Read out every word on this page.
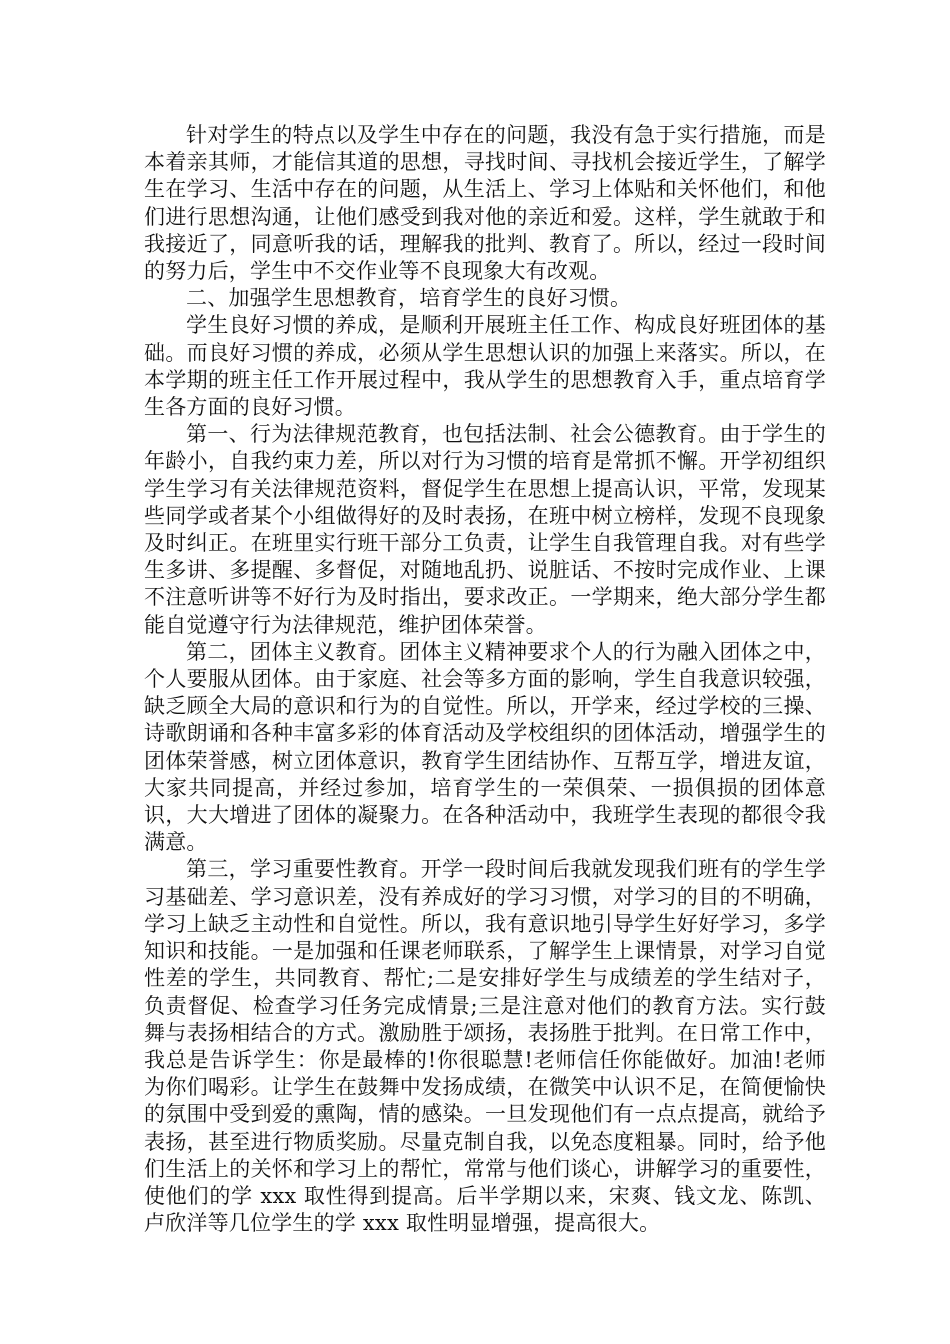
针对学生的特点以及学生中存在的问题，我没有急于实行措施，而是本着亲其师，才能信其道的思想，寻找时间、寻找机会接近学生，了解学生在学习、生活中存在的问题，从生活上、学习上体贴和关怀他们，和他们进行思想沟通，让他们感受到我对他的亲近和爱。这样，学生就敢于和我接近了，同意听我的话，理解我的批判、教育了。所以，经过一段时间的努力后，学生中不交作业等不良现象大有改观。

二、加强学生思想教育，培育学生的良好习惯。

学生良好习惯的养成，是顺利开展班主任工作、构成良好班团体的基础。而良好习惯的养成，必须从学生思想认识的加强上来落实。所以，在本学期的班主任工作开展过程中，我从学生的思想教育入手，重点培育学生各方面的良好习惯。

第一、行为法律规范教育，也包括法制、社会公德教育。由于学生的年龄小，自我约束力差，所以对行为习惯的培育是常抓不懈。开学初组织学生学习有关法律规范资料，督促学生在思想上提高认识，平常，发现某些同学或者某个小组做得好的及时表扬，在班中树立榜样，发现不良现象及时纠正。在班里实行班干部分工负责，让学生自我管理自我。对有些学生多讲、多提醒、多督促，对随地乱扔、说脏话、不按时完成作业、上课不注意听讲等不好行为及时指出，要求改正。一学期来，绝大部分学生都能自觉遵守行为法律规范，维护团体荣誉。

第二，团体主义教育。团体主义精神要求个人的行为融入团体之中，个人要服从团体。由于家庭、社会等多方面的影响，学生自我意识较强，缺乏顾全大局的意识和行为的自觉性。所以，开学来，经过学校的三操、诗歌朗诵和各种丰富多彩的体育活动及学校组织的团体活动，增强学生的团体荣誉感，树立团体意识，教育学生团结协作、互帮互学，增进友谊，大家共同提高，并经过参加，培育学生的一荣俱荣、一损俱损的团体意识，大大增进了团体的凝聚力。在各种活动中，我班学生表现的都很令我满意。

第三，学习重要性教育。开学一段时间后我就发现我们班有的学生学习基础差、学习意识差，没有养成好的学习习惯，对学习的目的不明确，学习上缺乏主动性和自觉性。所以，我有意识地引导学生好好学习，多学知识和技能。一是加强和任课老师联系，了解学生上课情景，对学习自觉性差的学生，共同教育、帮忙;二是安排好学生与成绩差的学生结对子，负责督促、检查学习任务完成情景;三是注意对他们的教育方法。实行鼓舞与表扬相结合的方式。激励胜于颂扬，表扬胜于批判。在日常工作中，我总是告诉学生：你是最棒的!你很聪慧!老师信任你能做好。加油!老师为你们喝彩。让学生在鼓舞中发扬成绩，在微笑中认识不足，在简便愉快的氛围中受到爱的熏陶，情的感染。一旦发现他们有一点点提高，就给予表扬，甚至进行物质奖励。尽量克制自我，以免态度粗暴。同时，给予他们生活上的关怀和学习上的帮忙，常常与他们谈心，讲解学习的重要性，使他们的学 xxx 取性得到提高。后半学期以来，宋爽、钱文龙、陈凯、卢欣洋等几位学生的学 xxx 取性明显增强，提高很大。
